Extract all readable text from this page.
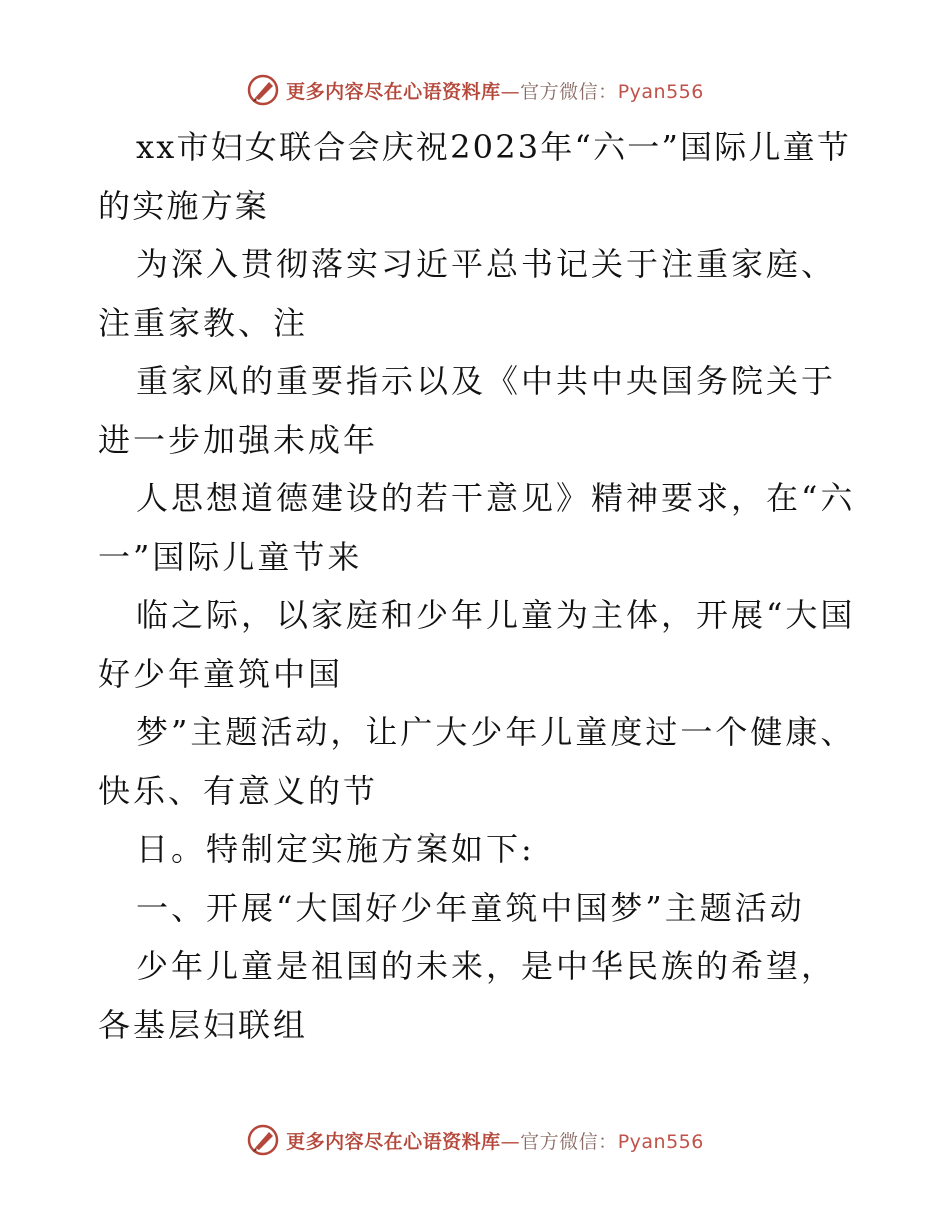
更多内容尽在心语资料库—官方微信：Pyan556

xx市妇女联合会庆祝2023年“六一”国际儿童节的实施方案

为深入贯彻落实习近平总书记关于注重家庭、注重家教、注

重家风的重要指示以及《中共中央国务院关于进一步加强未成年

人思想道德建设的若干意见》精神要求，在“六一”国际儿童节来

临之际，以家庭和少年儿童为主体，开展“大国好少年童筑中国

梦”主题活动，让广大少年儿童度过一个健康、快乐、有意义的节

日。特制定实施方案如下:

一、开展“大国好少年童筑中国梦”主题活动

少年儿童是祖国的未来，是中华民族的希望，各基层妇联组

更多内容尽在心语资料库—官方微信：Pyan556
